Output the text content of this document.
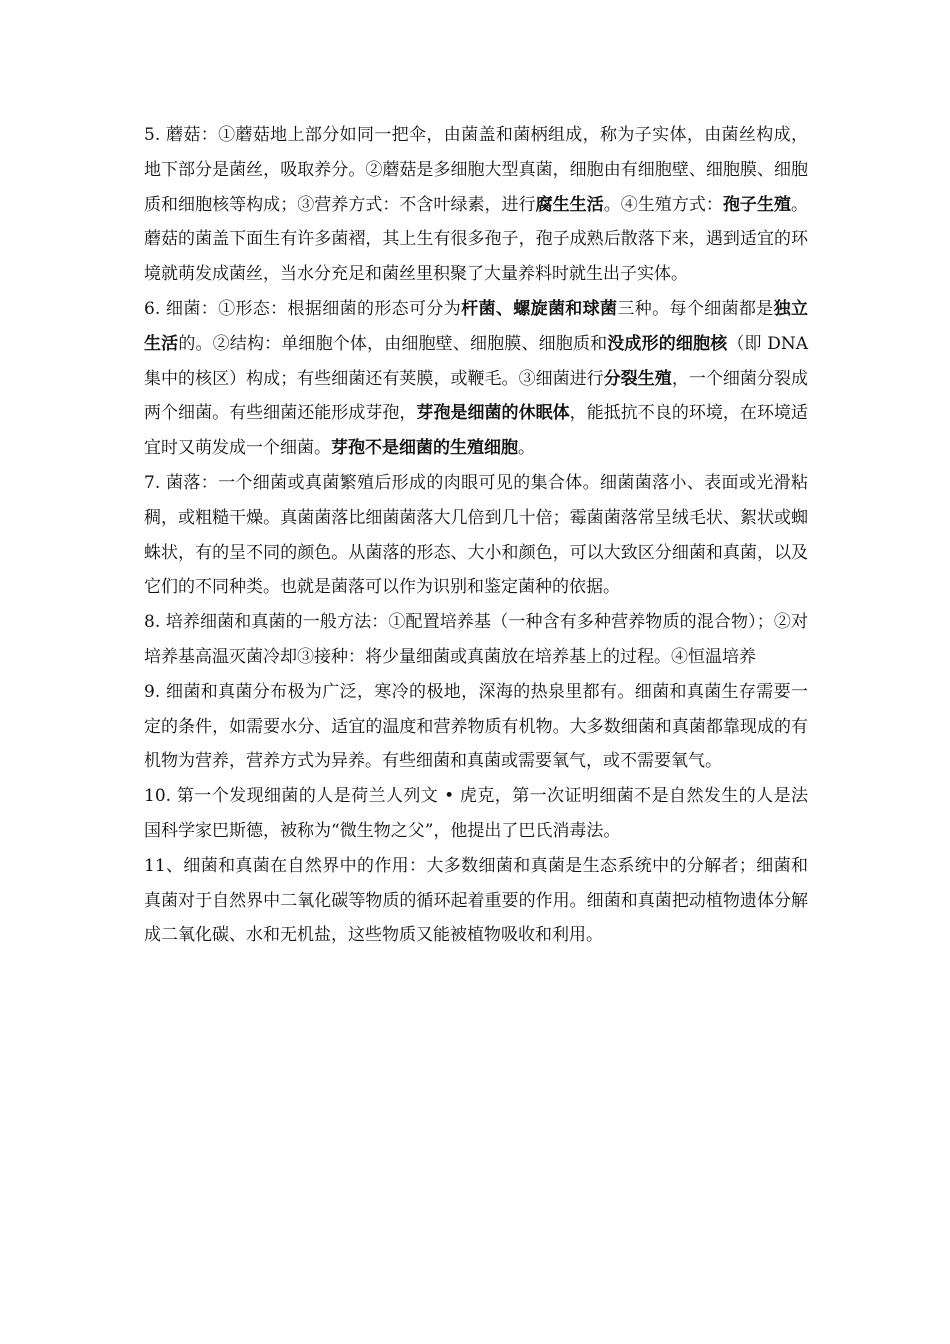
5. 蘑菇：①蘑菇地上部分如同一把伞，由菌盖和菌柄组成，称为子实体，由菌丝构成，地下部分是菌丝，吸取养分。②蘑菇是多细胞大型真菌，细胞由有细胞壁、细胞膜、细胞质和细胞核等构成；③营养方式：不含叶绿素，进行腐生生活。④生殖方式：孢子生殖。蘑菇的菌盖下面生有许多菌褶，其上生有很多孢子，孢子成熟后散落下来，遇到适宜的环境就萌发成菌丝，当水分充足和菌丝里积聚了大量养料时就生出子实体。

6. 细菌：①形态：根据细菌的形态可分为杆菌、螺旋菌和球菌三种。每个细菌都是独立生活的。②结构：单细胞个体，由细胞壁、细胞膜、细胞质和没成形的细胞核（即 DNA 集中的核区）构成；有些细菌还有荚膜，或鞭毛。③细菌进行分裂生殖，一个细菌分裂成两个细菌。有些细菌还能形成芽孢，芽孢是细菌的休眠体，能抵抗不良的环境，在环境适宜时又萌发成一个细菌。芽孢不是细菌的生殖细胞。

7. 菌落：一个细菌或真菌繁殖后形成的肉眼可见的集合体。细菌菌落小、表面或光滑粘稠，或粗糙干燥。真菌菌落比细菌菌落大几倍到几十倍；霉菌菌落常呈绒毛状、絮状或蜘蛛状，有的呈不同的颜色。从菌落的形态、大小和颜色，可以大致区分细菌和真菌，以及它们的不同种类。也就是菌落可以作为识别和鉴定菌种的依据。

8. 培养细菌和真菌的一般方法：①配置培养基（一种含有多种营养物质的混合物）；②对培养基高温灭菌冷却③接种：将少量细菌或真菌放在培养基上的过程。④恒温培养

9. 细菌和真菌分布极为广泛，寒冷的极地，深海的热泉里都有。细菌和真菌生存需要一定的条件，如需要水分、适宜的温度和营养物质有机物。大多数细菌和真菌都靠现成的有机物为营养，营养方式为异养。有些细菌和真菌或需要氧气，或不需要氧气。

10. 第一个发现细菌的人是荷兰人列文 • 虎克，第一次证明细菌不是自然发生的人是法国科学家巴斯德，被称为“微生物之父”，他提出了巴氏消毒法。

11、细菌和真菌在自然界中的作用：大多数细菌和真菌是生态系统中的分解者；细菌和真菌对于自然界中二氧化碳等物质的循环起着重要的作用。细菌和真菌把动植物遗体分解成二氧化碳、水和无机盐，这些物质又能被植物吸收和利用。
